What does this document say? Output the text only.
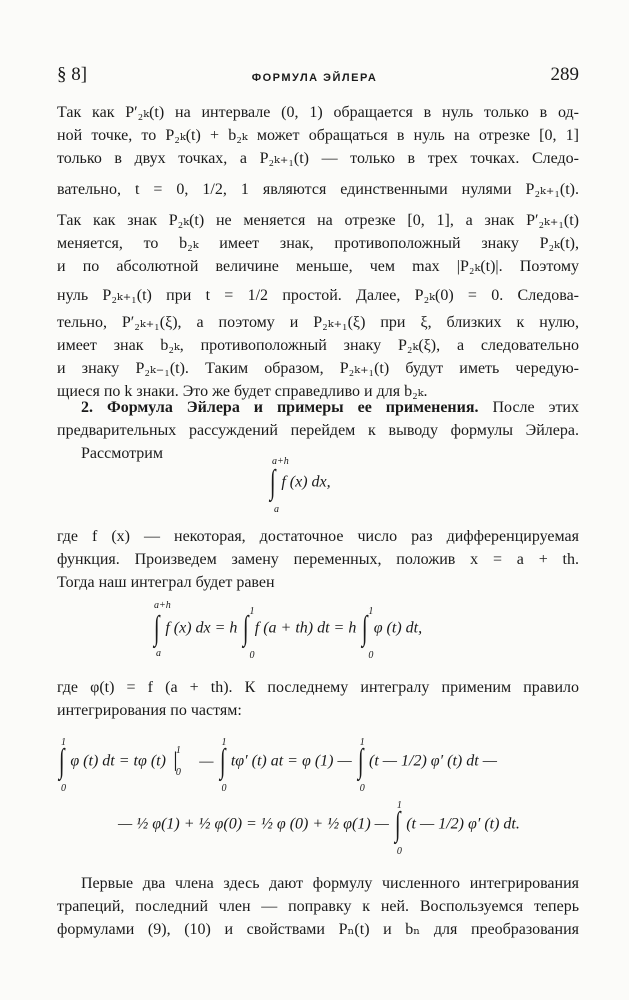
§ 8]	ФОРМУЛА ЭЙЛЕРА	289
Так как P′₂ₖ(t) на интервале (0, 1) обращается в нуль только в од-
ной точке, то P₂ₖ(t) + b₂ₖ может обращаться в нуль на отрезке [0, 1]
только в двух точках, а P₂ₖ₊₁(t) — только в трех точках. Следо-
вательно, t = 0, 1/2, 1 являются единственными нулями P₂ₖ₊₁(t).
Так как знак P₂ₖ(t) не меняется на отрезке [0, 1], а знак P′₂ₖ₊₁(t)
меняется, то b₂ₖ имеет знак, противоположный знаку P₂ₖ(t),
и по абсолютной величине меньше, чем max |P₂ₖ(t)|. Поэтому
нуль P₂ₖ₊₁(t) при t = 1/2 простой. Далее, P₂ₖ(0) = 0. Следова-
тельно, P′₂ₖ₊₁(ξ), а поэтому и P₂ₖ₊₁(ξ) при ξ, близких к нулю,
имеет знак b₂ₖ, противоположный знаку P₂ₖ(ξ), а следовательно
и знаку P₂ₖ₋₁(t). Таким образом, P₂ₖ₊₁(t) будут иметь чередую-
щиеся по k знаки. Это же будет справедливо и для b₂ₖ.
2. Формула Эйлера и примеры ее применения. После этих
предварительных рассуждений перейдем к выводу формулы Эйлера.
Рассмотрим	a+h
∫ f (x) dx,
a
где f (x) — некоторая, достаточное число раз дифференцируемая
функция. Произведем замену переменных, положив x = a + th.
Тогда наш интеграл будет равен
a+h
a
∫ f (x) dx = h
1
0
∫ f (a + th) dt = h
1
0
∫ φ (t) dt,
где φ(t) = f (a + th). К последнему интегралу применим правило
интегрирования по частям:
1
0
∫ φ (t) dt = tφ (t) │
1
0
—
1
0
∫ tφ′ (t) at = φ (1) —
1
0
∫ (t — 1/2) φ′ (t) dt —
— ½ φ(1) + ½ φ(0) = ½ φ (0) + ½ φ(1) —
1
0
∫ (t — 1/2) φ′ (t) dt.
Первые два члена здесь дают формулу численного интегрирования
трапеций, последний член — поправку к ней. Воспользуемся теперь
формулами (9), (10) и свойствами Pₙ(t) и bₙ для преобразования
